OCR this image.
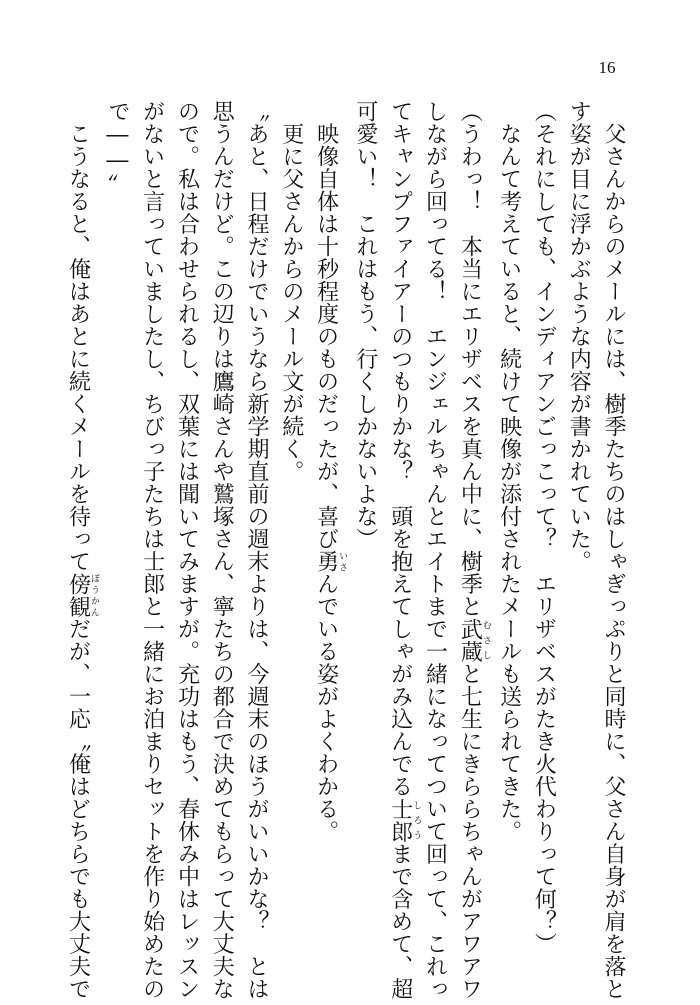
16

　父さんからのメールには、樹季たちのはしゃぎっぷりと同時に、父さん自身が肩を落と
す姿が目に浮かぶような内容が書かれていた。

（それにしても、インディアンごっこって？　エリザベスがたき火代わりって何？）

　なんて考えていると、続けて映像が添付されたメールも送られてきた。

（うわっ！　本当にエリザベスを真ん中に、樹季と武蔵むさしと七生にきららちゃんがアワアワ
しながら回ってる！　エンジェルちゃんとエイトまで一緒になってついて回って、これっ
てキャンプファイアーのつもりかな？　頭を抱えてしゃがみ込んでる士郎しろうまで含めて、超
可愛い！　これはもう、行くしかないよな）

　映像自体は十秒程度のものだったが、喜び勇いさんでいる姿がよくわかる。

　更に父さんからのメール文が続く。

〝あと、日程だけでいうなら新学期直前の週末よりは、今週末のほうがいいかな？　とは
思うんだけど。この辺りは鷹崎さんや鷲塚さん、寧たちの都合で決めてもらって大丈夫な
ので。私は合わせられるし、双葉には聞いてみますが。充功はもう、春休み中はレッスン
がないと言っていましたし、ちびっ子たちは士郎と一緒にお泊まりセットを作り始めたの
で――〟

　こうなると、俺はあとに続くメールを待って傍観ぼうかんだが、一応〝俺はどちらでも大丈夫で
